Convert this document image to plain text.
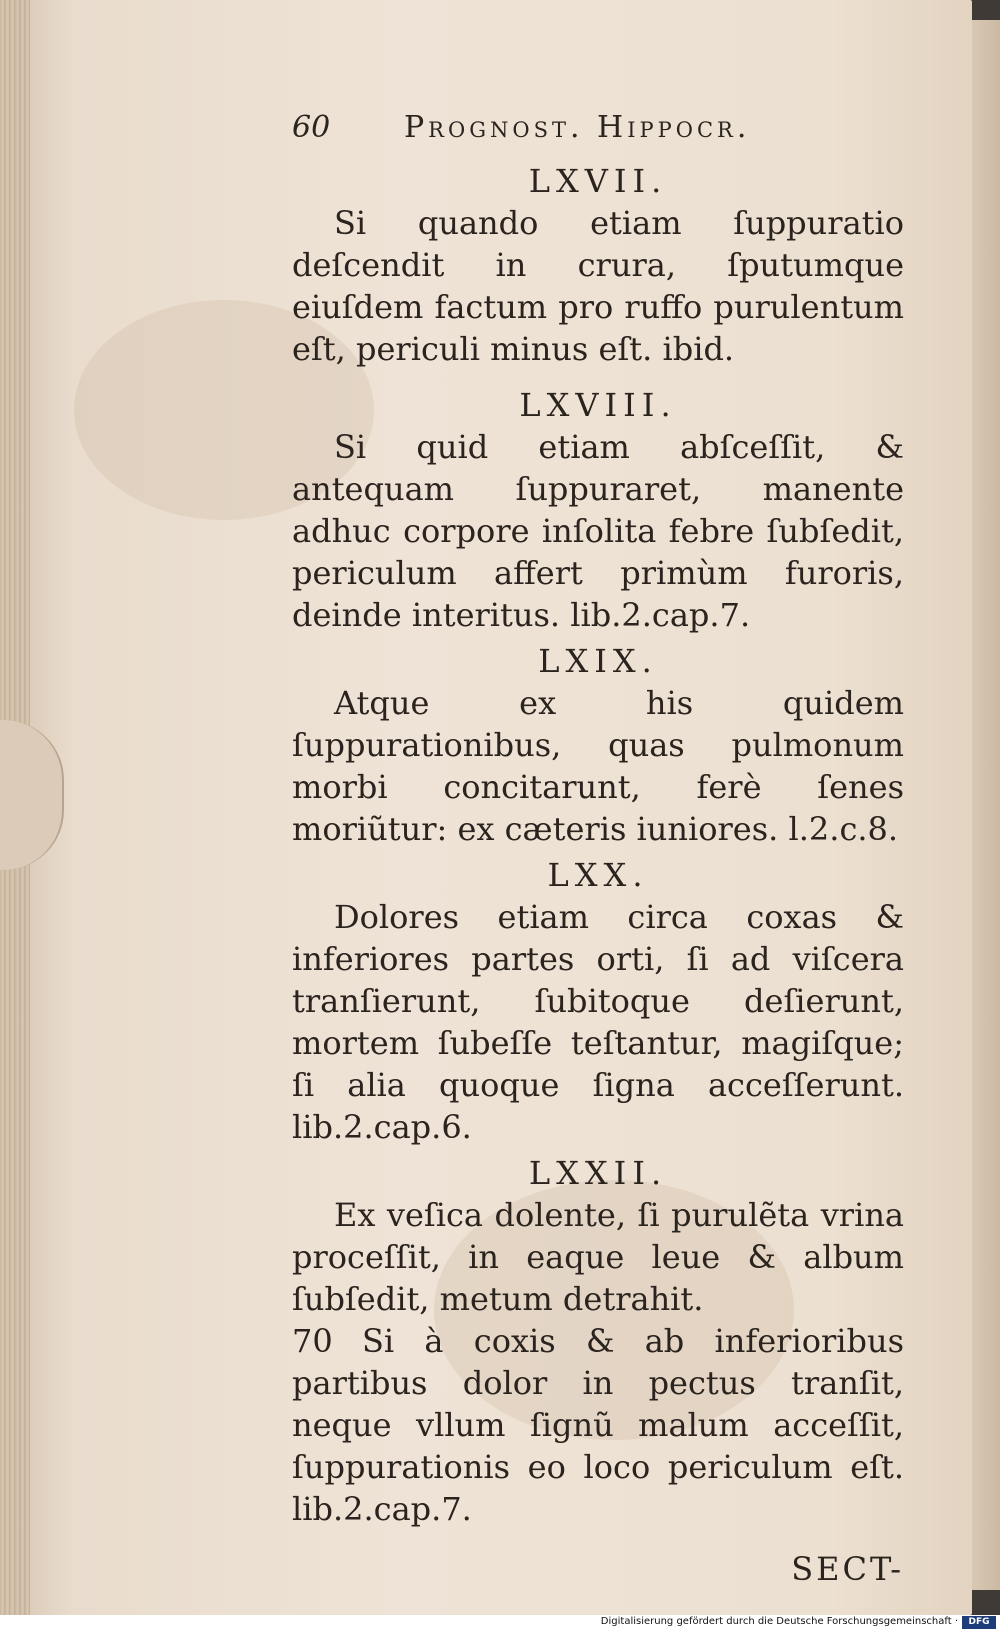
60 Prognost. Hippocr.

LXVII.

Si quando etiam ſuppuratio deſcendit in crura, ſputumque eiuſdem factum pro ruffo purulentum eſt, periculi minus eſt. ibid.

LXVIII.

Si quid etiam abſceſſit, & antequam ſuppuraret, manente adhuc corpore inſolita febre ſubſedit, periculum affert primùm furoris, deinde interitus. lib.2.cap.7.

LXIX.

Atque ex his quidem ſuppurationibus, quas pulmonum morbi concitarunt, ferè ſenes moriũtur: ex cæteris iuniores. l.2.c.8.

LXX.

Dolores etiam circa coxas & inferiores partes orti, ſi ad viſcera tranſierunt, ſubitoque deſierunt, mortem ſubeſſe teſtantur, magiſque; ſi alia quoque ſigna acceſſerunt. lib.2.cap.6.

LXXII.

Ex veſica dolente, ſi purulẽta vrina proceſſit, in eaque leue & album ſubſedit, metum detrahit.

70 Si à coxis & ab inferioribus partibus dolor in pectus tranſit, neque vllum ſignũ malum acceſſit, ſuppurationis eo loco periculum eſt. lib.2.cap.7.

SECT-
Digitalisierung gefördert durch die Deutsche Forschungsgemeinschaft ·	DFG
